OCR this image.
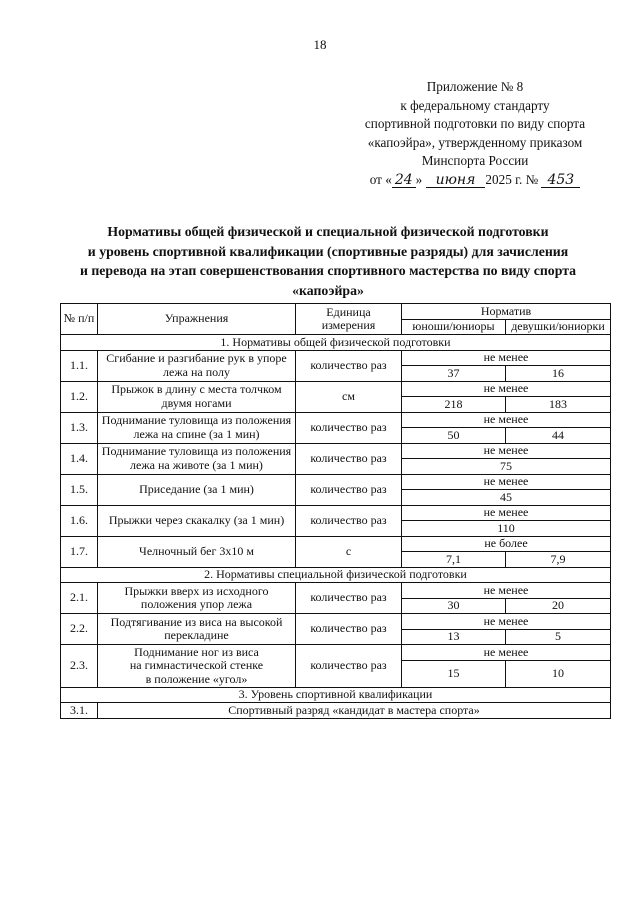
18
Приложение № 8
к федеральному стандарту
спортивной подготовки по виду спорта
«капоэйра», утвержденному приказом
Минспорта России
от « 24 » июня 2025 г. № 453
Нормативы общей физической и специальной физической подготовки
и уровень спортивной квалификации (спортивные разряды) для зачисления
и перевода на этап совершенствования спортивного мастерства по виду спорта
«капоэйра»
№ п/п	Упражнения	Единица измерения	Норматив	
			юноши/юниоры	девушки/юниорки
1. Нормативы общей физической подготовки				
1.1.	Сгибание и разгибание рук в упоре лежа на полу	количество раз	не менее	
			37	16
1.2.	Прыжок в длину с места толчком двумя ногами	см	не менее	
			218	183
1.3.	Поднимание туловища из положения лежа на спине (за 1 мин)	количество раз	не менее	
			50	44
1.4.	Поднимание туловища из положения лежа на животе (за 1 мин)	количество раз	не менее	
			75	
1.5.	Приседание (за 1 мин)	количество раз	не менее	
			45	
1.6.	Прыжки через скакалку (за 1 мин)	количество раз	не менее	
			110	
1.7.	Челночный бег 3х10 м	с	не более	
			7,1	7,9
2. Нормативы специальной физической подготовки				
2.1.	Прыжки вверх из исходного положения упор лежа	количество раз	не менее	
			30	20
2.2.	Подтягивание из виса на высокой перекладине	количество раз	не менее	
			13	5
2.3.	Поднимание ног из виса
на гимнастической стенке
в положение «угол»	количество раз	не менее	
			15	10
3. Уровень спортивной квалификации				
3.1.	Спортивный разряд «кандидат в мастера спорта»			
